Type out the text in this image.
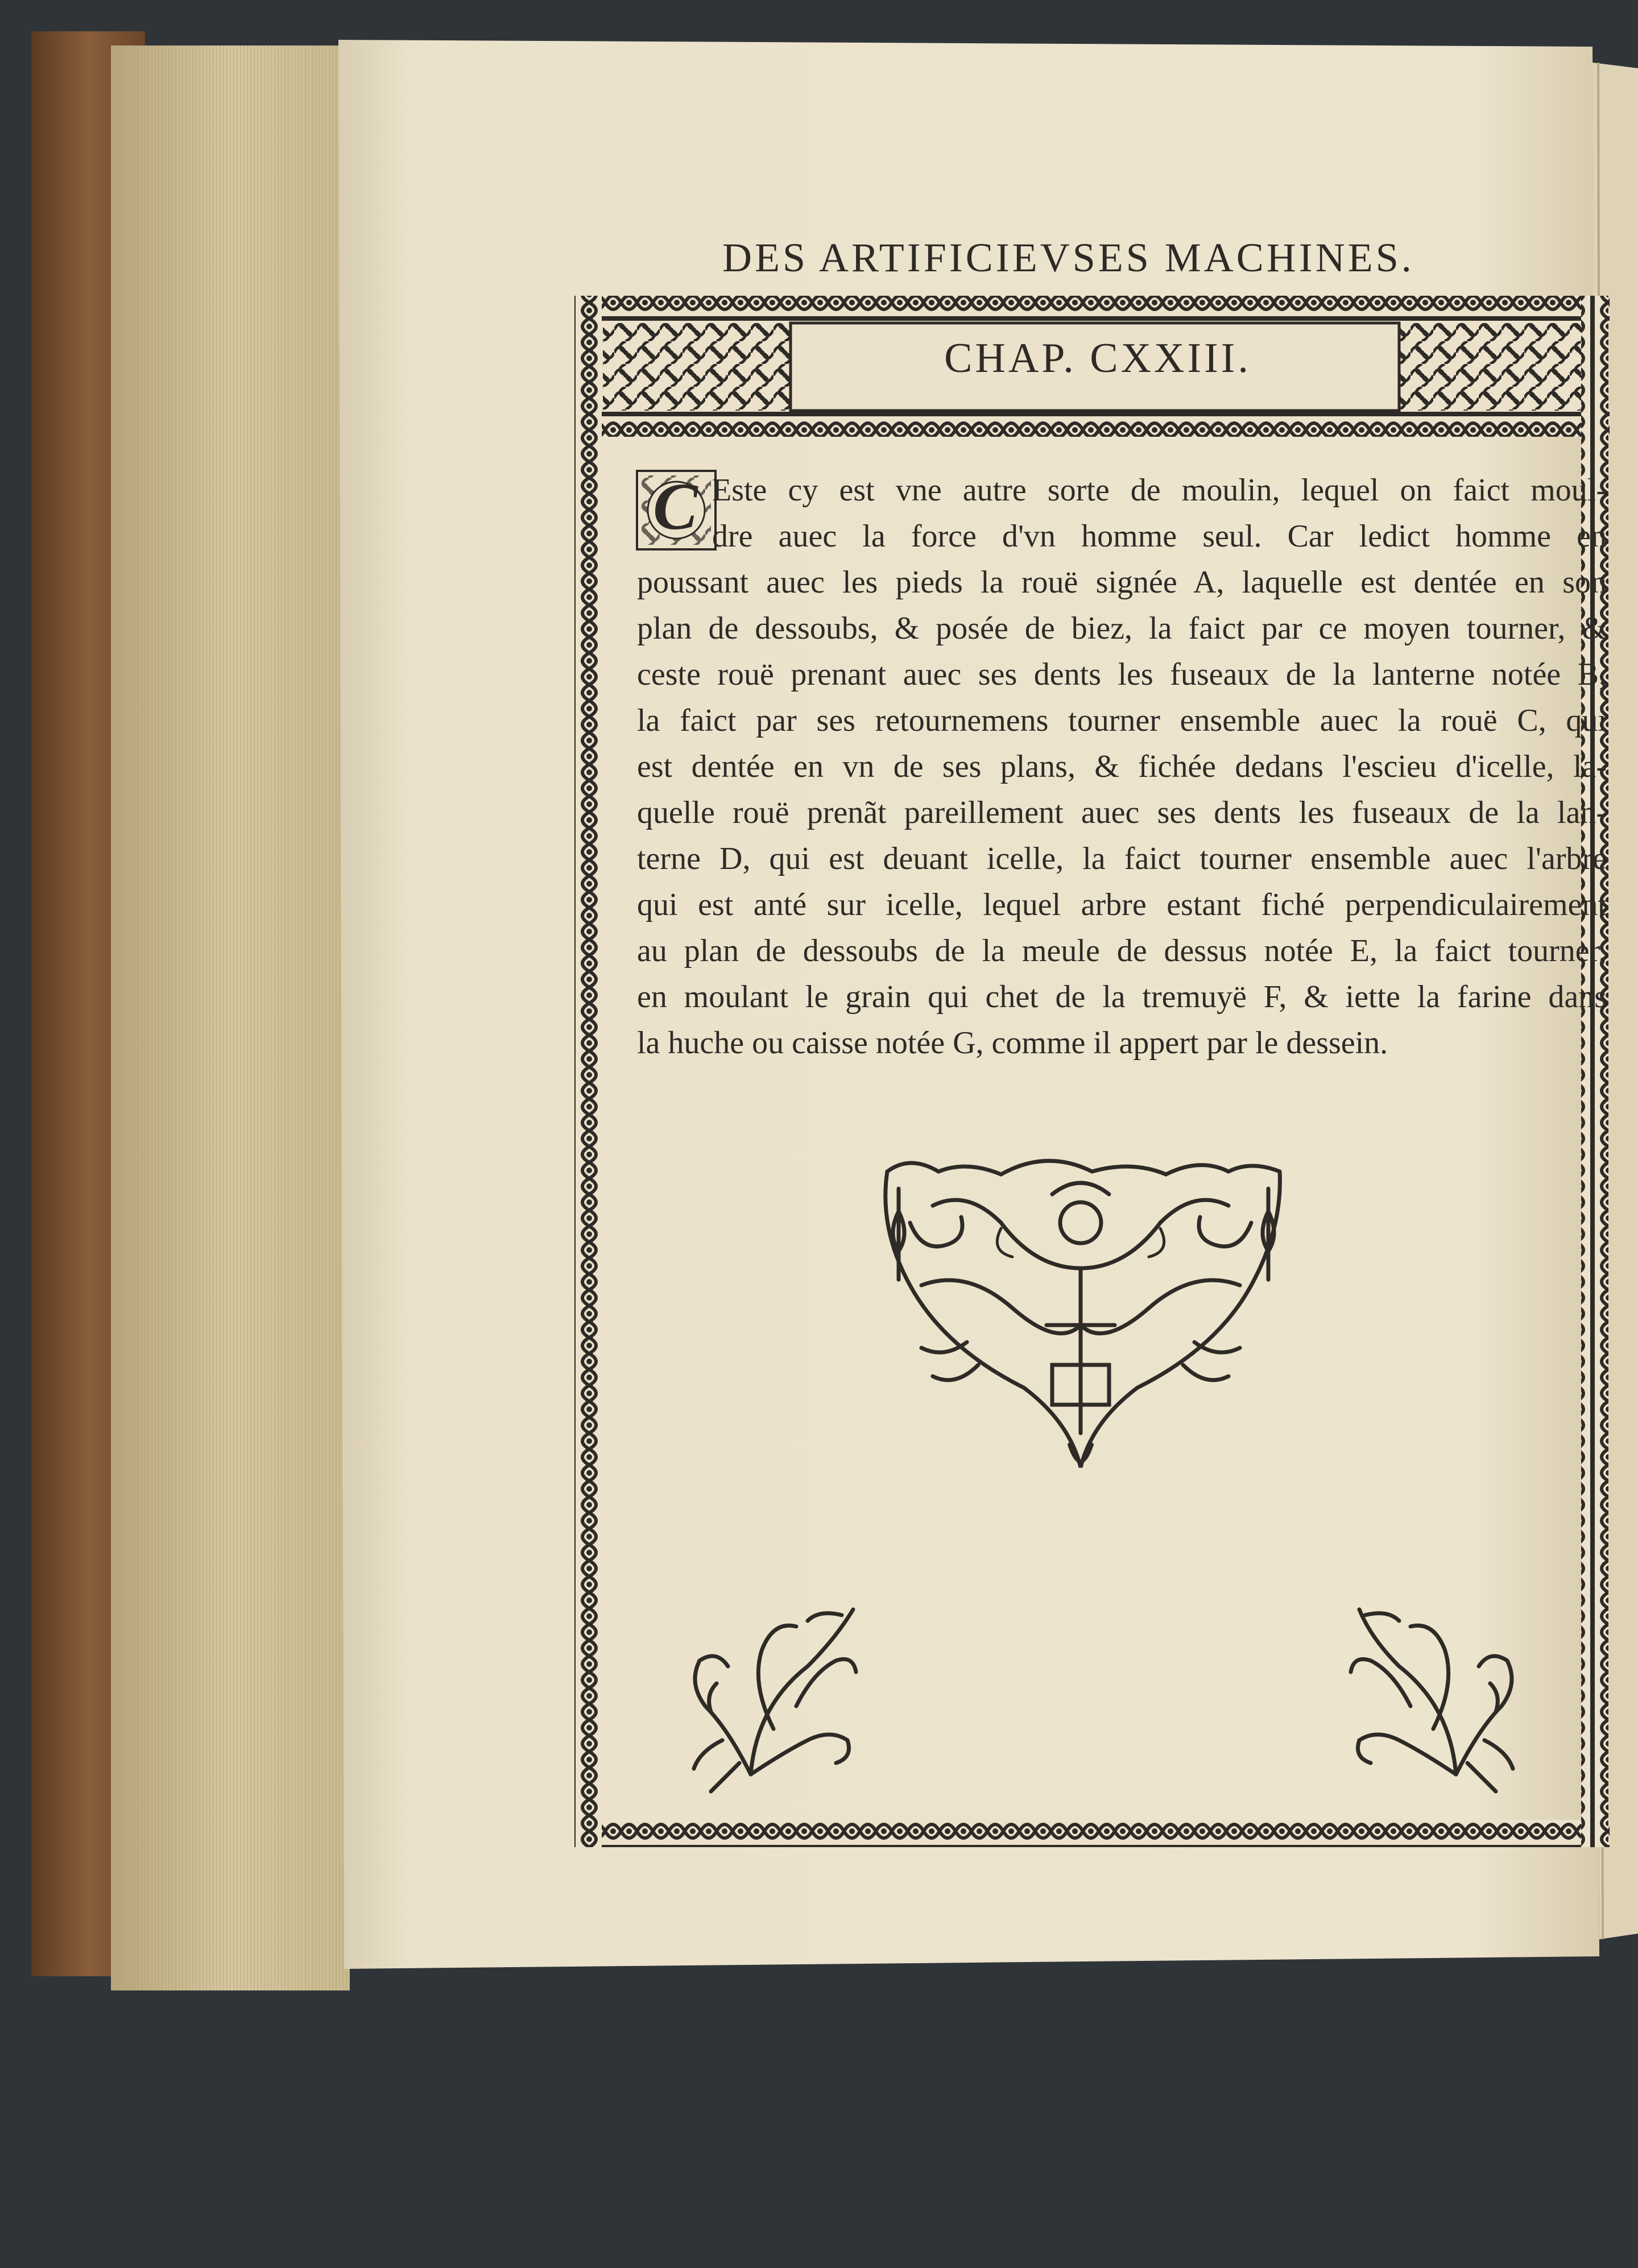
DES ARTIFICIEVSES MACHINES.
CHAP. CXXIII.
C Este cy est vne autre sorte de moulin, lequel on faict moul-
dre auec la force d'vn homme seul. Car ledict homme en
poussant auec les pieds la rouë signée A, laquelle est dentée en son
plan de dessoubs, & posée de biez, la faict par ce moyen tourner, &
ceste rouë prenant auec ses dents les fuseaux de la lanterne notée B,
la faict par ses retournemens tourner ensemble auec la rouë C, qui
est dentée en vn de ses plans, & fichée dedans l'escieu d'icelle, la-
quelle rouë prenãt pareillement auec ses dents les fuseaux de la lan-
terne D, qui est deuant icelle, la faict tourner ensemble auec l'arbre
qui est anté sur icelle, lequel arbre estant fiché perpendiculairement
au plan de dessoubs de la meule de dessus notée E, la faict tourner,
en moulant le grain qui chet de la tremuyë F, & iette la farine dans
la huche ou caisse notée G, comme il appert par le dessein.
